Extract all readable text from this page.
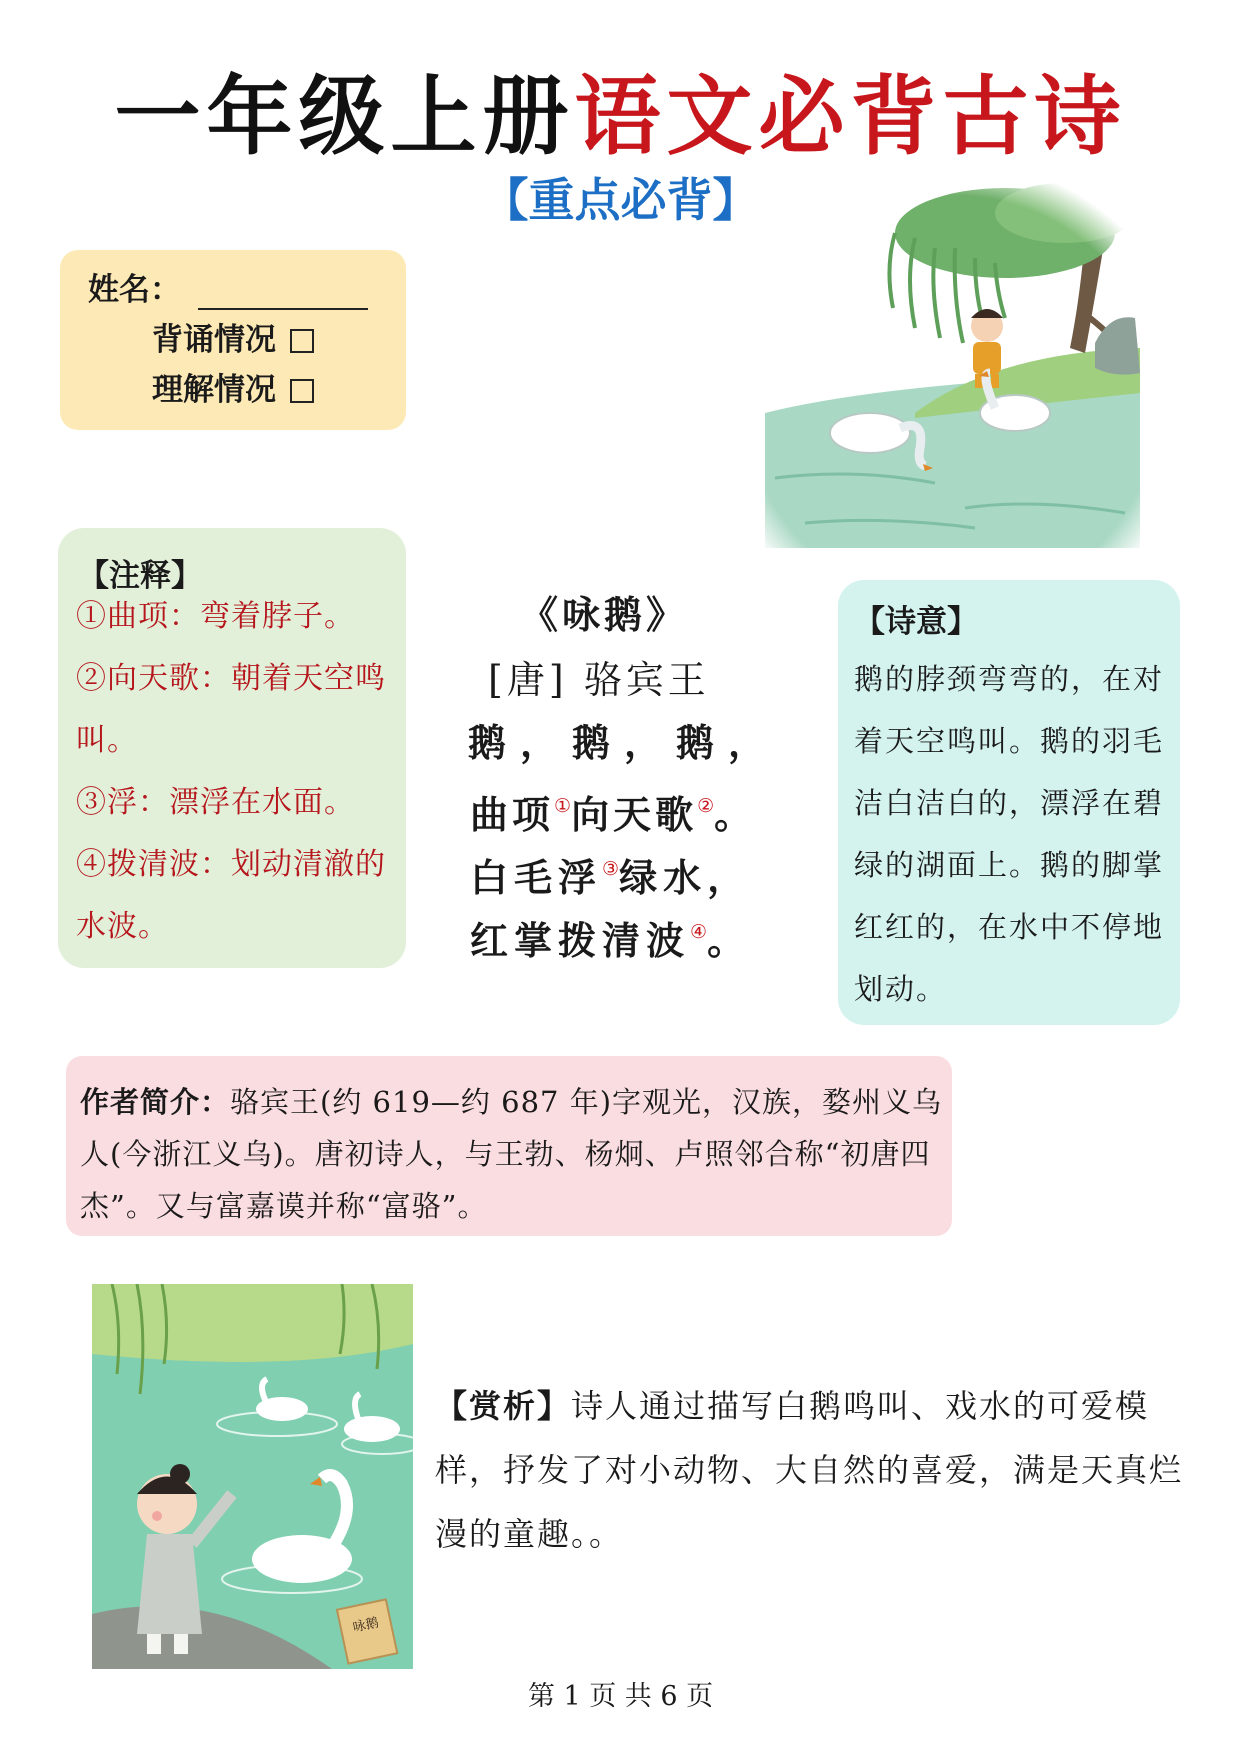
一年级上册语文必背古诗
【重点必背】
姓名：
背诵情况
理解情况
【注释】
①曲项：弯着脖子。
②向天歌：朝着天空鸣叫。
③浮：漂浮在水面。
④拨清波：划动清澈的水波。
《咏鹅》
[唐] 骆宾王
鹅，鹅，鹅，
曲项①向天歌②。
白毛浮③绿水，
红掌拨清波④。
【诗意】
鹅的脖颈弯弯的，在对着天空鸣叫。鹅的羽毛洁白洁白的，漂浮在碧绿的湖面上。鹅的脚掌红红的，在水中不停地划动。
作者简介：骆宾王(约 619—约 687 年)字观光，汉族，婺州义乌人(今浙江义乌)。唐初诗人，与王勃、杨炯、卢照邻合称“初唐四杰”。又与富嘉谟并称“富骆”。
咏鹅
【赏析】诗人通过描写白鹅鸣叫、戏水的可爱模样，抒发了对小动物、大自然的喜爱，满是天真烂漫的童趣。。
第 1 页 共 6 页
